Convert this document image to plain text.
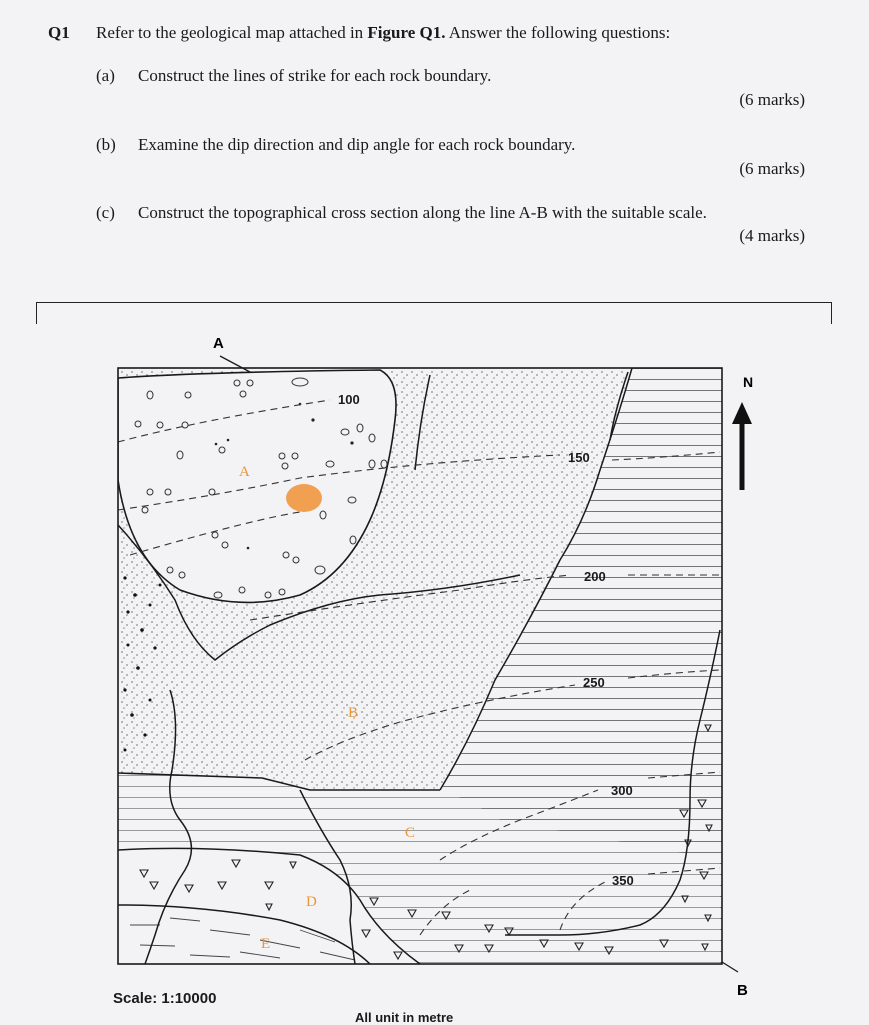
Q1 Refer to the geological map attached in Figure Q1. Answer the following questions:
(a) Construct the lines of strike for each rock boundary.
(6 marks)
(b) Examine the dip direction and dip angle for each rock boundary.
(6 marks)
(c) Construct the topographical cross section along the line A-B with the suitable scale.
(4 marks)
A
B
N
100
150
200
250
300
350
A
B
C
D
E
Scale: 1:10000
All unit in metre
